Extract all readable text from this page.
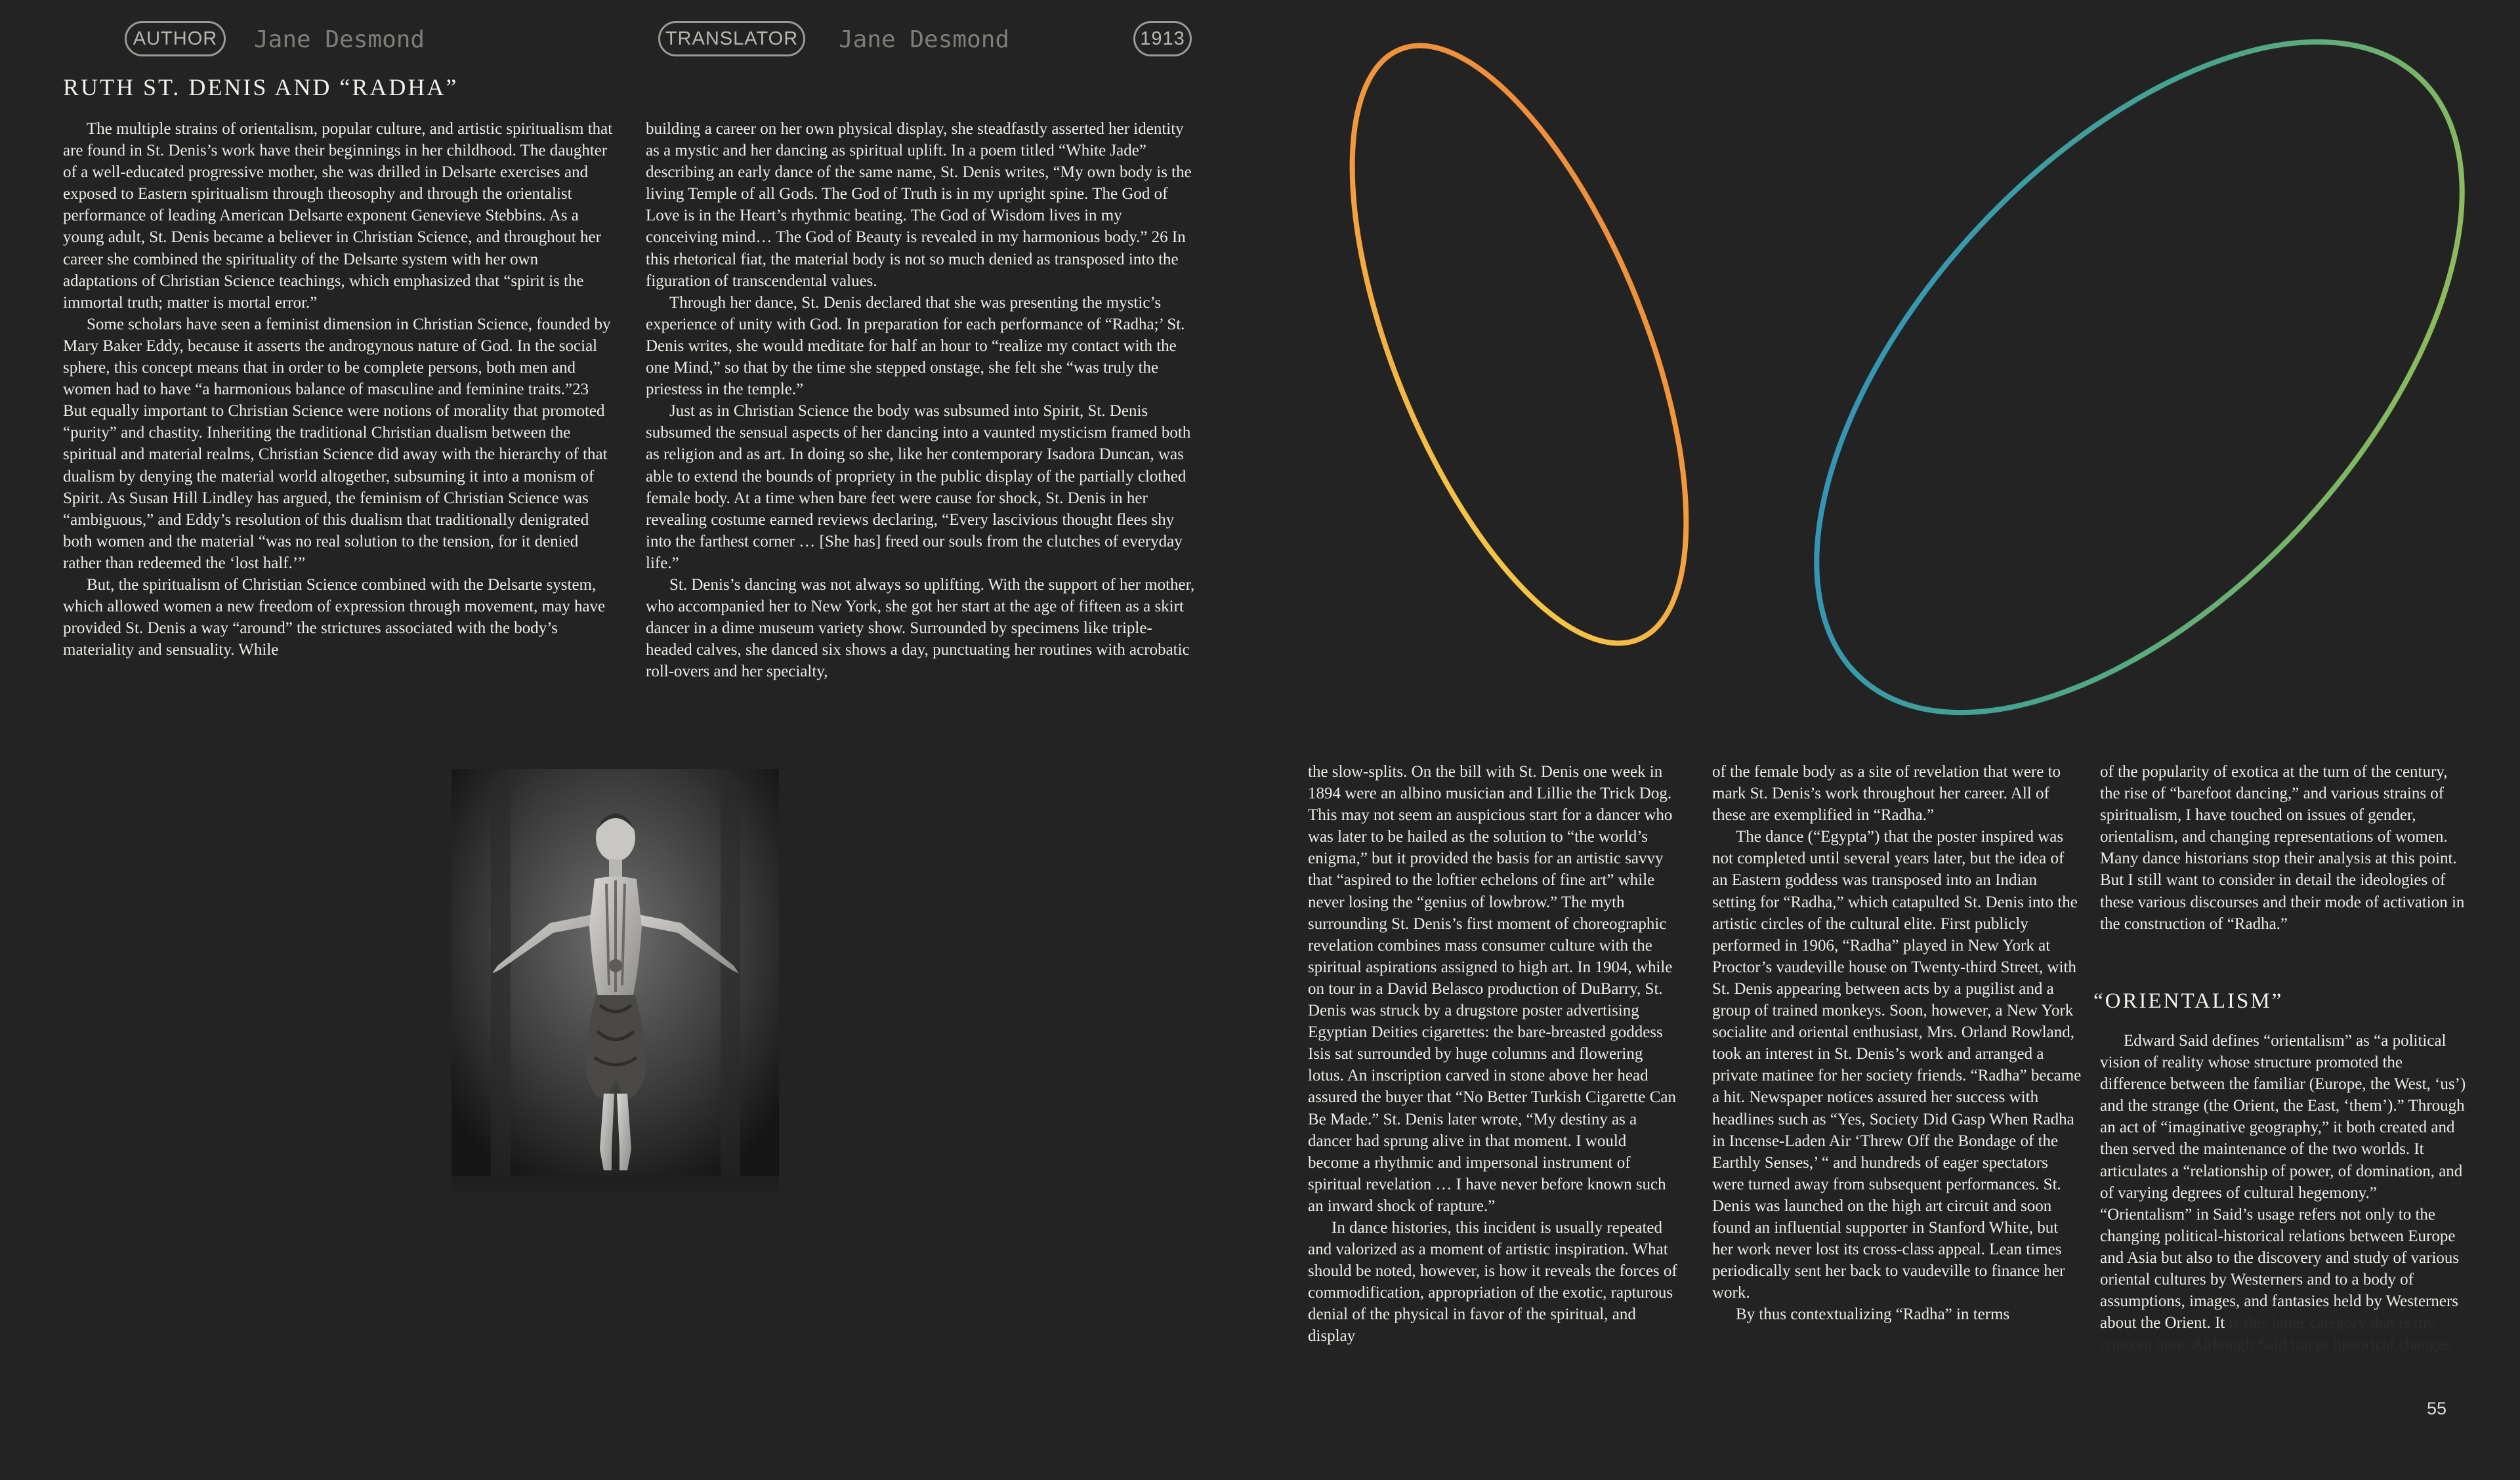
AUTHOR	Jane Desmond	TRANSLATOR	Jane Desmond	1913
RUTH ST. DENIS AND “RADHA”

The multiple strains of orientalism, popular culture, and artistic spiritualism that are found in St. Denis’s work have their beginnings in her childhood. The daughter of a well-educated progressive mother, she was drilled in Delsarte exercises and exposed to Eastern spiritualism through theosophy and through the orientalist performance of leading American Delsarte exponent Genevieve Stebbins. As a young adult, St. Denis became a believer in Christian Science, and throughout her career she combined the spirituality of the Delsarte system with her own adaptations of Christian Science teachings, which emphasized that “spirit is the immortal truth; matter is mortal error.”

Some scholars have seen a feminist dimension in Christian Science, founded by Mary Baker Eddy, because it asserts the androgynous nature of God. In the social sphere, this concept means that in order to be complete persons, both men and women had to have “a harmonious balance of masculine and feminine traits.”23 But equally important to Christian Science were notions of morality that promoted “purity” and chastity. Inheriting the traditional Christian dualism between the spiritual and material realms, Christian Science did away with the hierarchy of that dualism by denying the material world altogether, subsuming it into a monism of Spirit. As Susan Hill Lindley has argued, the feminism of Christian Science was “ambiguous,” and Eddy’s resolution of this dualism that traditionally denigrated both women and the material “was no real solution to the tension, for it denied rather than redeemed the ‘lost half.’”

But, the spiritualism of Christian Science combined with the Delsarte system, which allowed women a new freedom of expression through movement, may have provided St. Denis a way “around” the strictures associated with the body’s materiality and sensuality. While

building a career on her own physical display, she steadfastly asserted her identity as a mystic and her dancing as spiritual uplift. In a poem titled “White Jade” describing an early dance of the same name, St. Denis writes, “My own body is the living Temple of all Gods. The God of Truth is in my upright spine. The God of Love is in the Heart’s rhythmic beating. The God of Wisdom lives in my conceiving mind… The God of Beauty is revealed in my harmonious body.” 26 In this rhetorical fiat, the material body is not so much denied as transposed into the figuration of transcendental values.

Through her dance, St. Denis declared that she was presenting the mystic’s experience of unity with God. In preparation for each performance of “Radha;’ St. Denis writes, she would meditate for half an hour to “realize my contact with the one Mind,” so that by the time she stepped onstage, she felt she “was truly the priestess in the temple.”

Just as in Christian Science the body was subsumed into Spirit, St. Denis subsumed the sensual aspects of her dancing into a vaunted mysticism framed both as religion and as art. In doing so she, like her contemporary Isadora Duncan, was able to extend the bounds of propriety in the public display of the partially clothed female body. At a time when bare feet were cause for shock, St. Denis in her revealing costume earned reviews declaring, “Every lascivious thought flees shy into the farthest corner … [She has] freed our souls from the clutches of everyday life.”

St. Denis’s dancing was not always so uplifting. With the support of her mother, who accompanied her to New York, she got her start at the age of fifteen as a skirt dancer in a dime museum variety show. Surrounded by specimens like triple-headed calves, she danced six shows a day, punctuating her routines with acrobatic roll-overs and her specialty,

the slow-splits. On the bill with St. Denis one week in 1894 were an albino musician and Lillie the Trick Dog. This may not seem an auspicious start for a dancer who was later to be hailed as the solution to “the world’s enigma,” but it provided the basis for an artistic savvy that “aspired to the loftier echelons of fine art” while never losing the “genius of lowbrow.” The myth surrounding St. Denis’s first moment of choreographic revelation combines mass consumer culture with the spiritual aspirations assigned to high art. In 1904, while on tour in a David Belasco production of DuBarry, St. Denis was struck by a drugstore poster advertising Egyptian Deities cigarettes: the bare-breasted goddess Isis sat surrounded by huge columns and flowering lotus. An inscription carved in stone above her head assured the buyer that “No Better Turkish Cigarette Can Be Made.” St. Denis later wrote, “My destiny as a dancer had sprung alive in that moment. I would become a rhythmic and impersonal instrument of spiritual revelation … I have never before known such an inward shock of rapture.”

In dance histories, this incident is usually repeated and valorized as a moment of artistic inspiration. What should be noted, however, is how it reveals the forces of commodification, appropriation of the exotic, rapturous denial of the physical in favor of the spiritual, and display

of the female body as a site of revelation that were to mark St. Denis’s work throughout her career. All of these are exemplified in “Radha.”

The dance (“Egypta”) that the poster inspired was not completed until several years later, but the idea of an Eastern goddess was transposed into an Indian setting for “Radha,” which catapulted St. Denis into the artistic circles of the cultural elite. First publicly performed in 1906, “Radha” played in New York at Proctor’s vaudeville house on Twenty-third Street, with St. Denis appearing between acts by a pugilist and a group of trained monkeys. Soon, however, a New York socialite and oriental enthusiast, Mrs. Orland Rowland, took an interest in St. Denis’s work and arranged a private matinee for her society friends. “Radha” became a hit. Newspaper notices assured her success with headlines such as “Yes, Society Did Gasp When Radha in Incense-Laden Air ‘Threw Off the Bondage of the Earthly Senses,’ “ and hundreds of eager spectators were turned away from subsequent performances. St. Denis was launched on the high art circuit and soon found an influential supporter in Stanford White, but her work never lost its cross-class appeal. Lean times periodically sent her back to vaudeville to finance her work.

By thus contextualizing “Radha” in terms

of the popularity of exotica at the turn of the century, the rise of “barefoot dancing,” and various strains of spiritualism, I have touched on issues of gender, orientalism, and changing representations of women. Many dance historians stop their analysis at this point. But I still want to consider in detail the ideologies of these various discourses and their mode of activation in the construction of “Radha.”

“ORIENTALISM”

Edward Said defines “orientalism” as “a political vision of reality whose structure promoted the difference between the familiar (Europe, the West, ‘us’) and the strange (the Orient, the East, ‘them’).” Through an act of “imaginative geography,” it both created and then served the maintenance of the two worlds. It articulates a “relationship of power, of domination, and of varying degrees of cultural hegemony.” “Orientalism” in Said’s usage refers not only to the changing political-historical relations between Europe and Asia but also to the discovery and study of various oriental cultures by Westerners and to a body of assumptions, images, and fantasies held by Westerners about the Orient. It is this latter category that is my concern here. Although Said traces historical changes

55
